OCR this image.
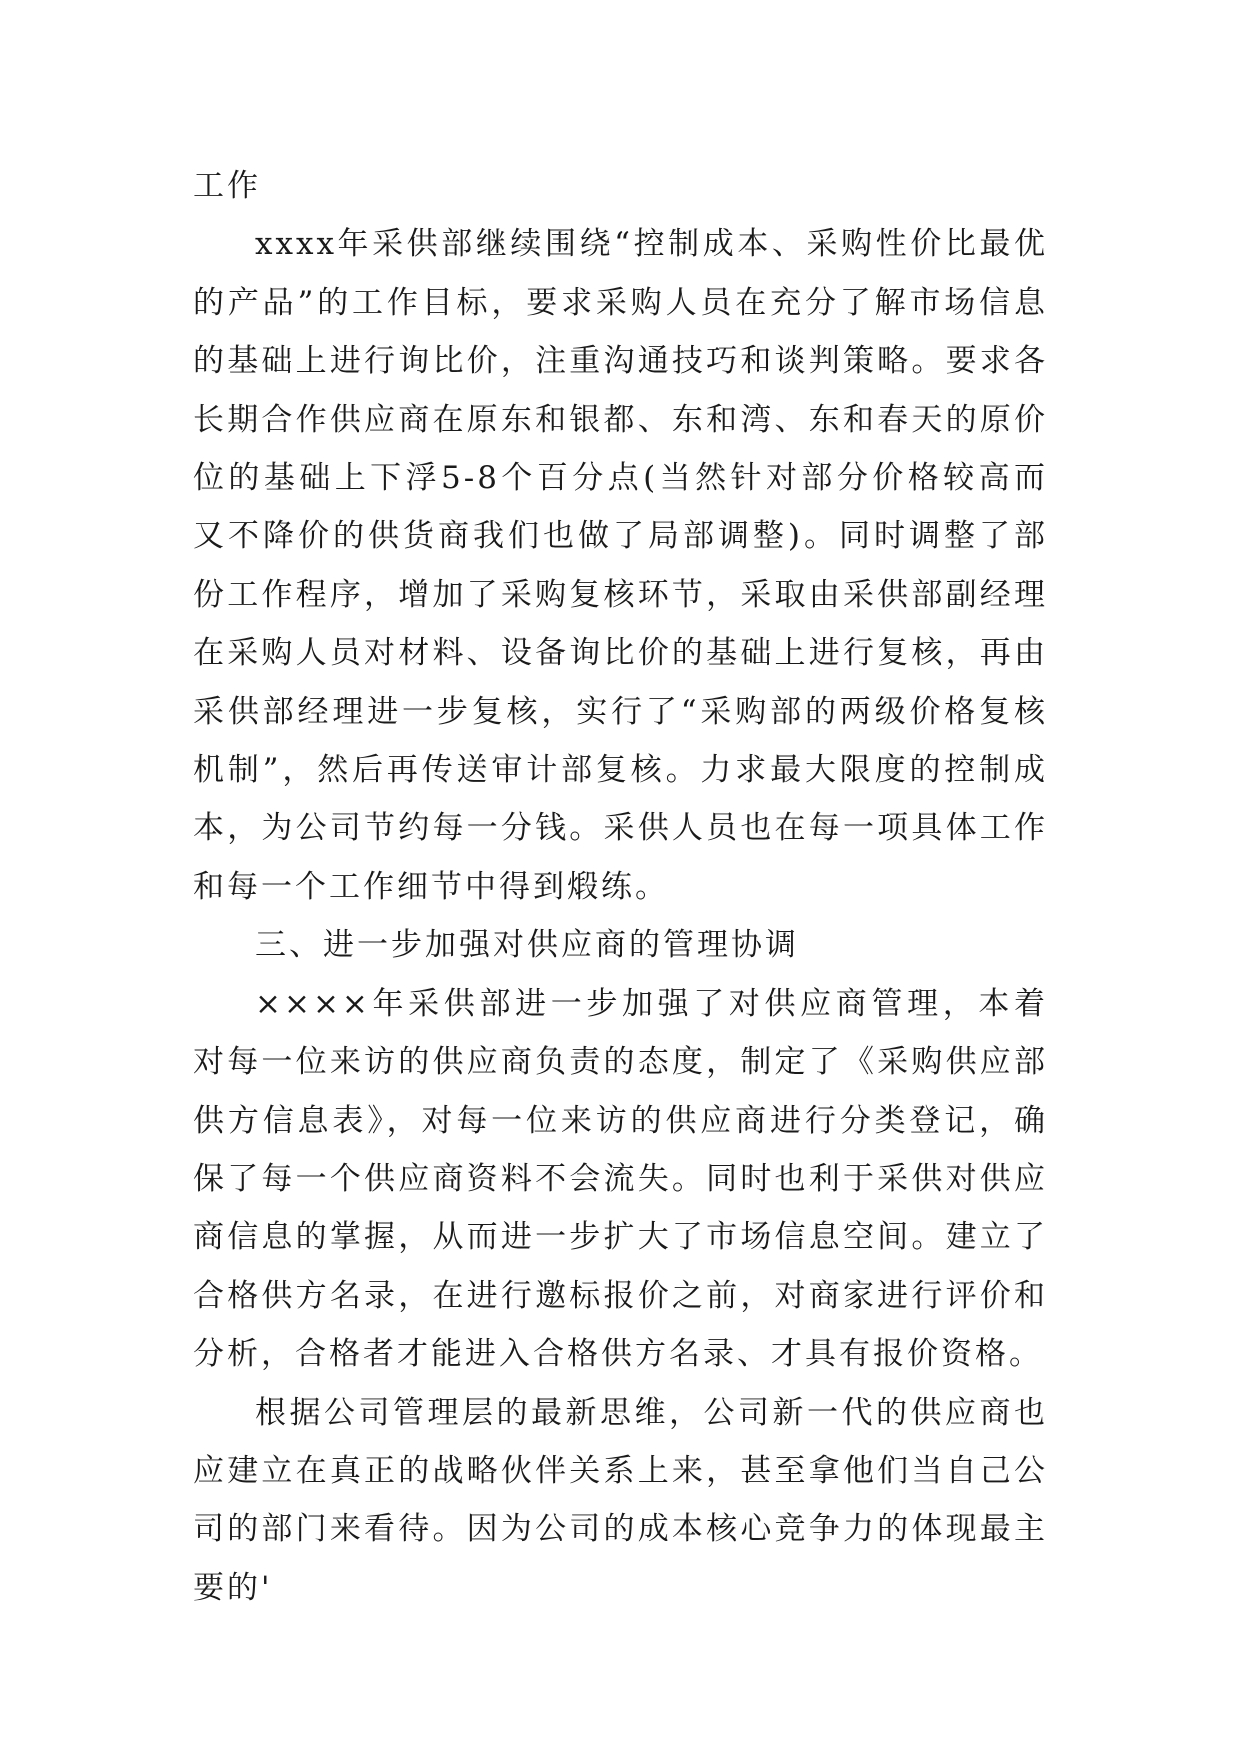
工作

xxxx年采供部继续围绕“控制成本、采购性价比最优的产品”的工作目标，要求采购人员在充分了解市场信息的基础上进行询比价，注重沟通技巧和谈判策略。要求各长期合作供应商在原东和银都、东和湾、东和春天的原价位的基础上下浮5-8个百分点(当然针对部分价格较高而又不降价的供货商我们也做了局部调整)。同时调整了部份工作程序，增加了采购复核环节，采取由采供部副经理在采购人员对材料、设备询比价的基础上进行复核，再由采供部经理进一步复核，实行了“采购部的两级价格复核机制”，然后再传送审计部复核。力求最大限度的控制成本，为公司节约每一分钱。采供人员也在每一项具体工作和每一个工作细节中得到煅练。

三、进一步加强对供应商的管理协调

××××年采供部进一步加强了对供应商管理，本着对每一位来访的供应商负责的态度，制定了《采购供应部供方信息表》，对每一位来访的供应商进行分类登记，确保了每一个供应商资料不会流失。同时也利于采供对供应商信息的掌握，从而进一步扩大了市场信息空间。建立了合格供方名录，在进行邀标报价之前，对商家进行评价和分析，合格者才能进入合格供方名录、才具有报价资格。

根据公司管理层的最新思维，公司新一代的供应商也应建立在真正的战略伙伴关系上来，甚至拿他们当自己公司的部门来看待。因为公司的成本核心竞争力的体现最主要的'
